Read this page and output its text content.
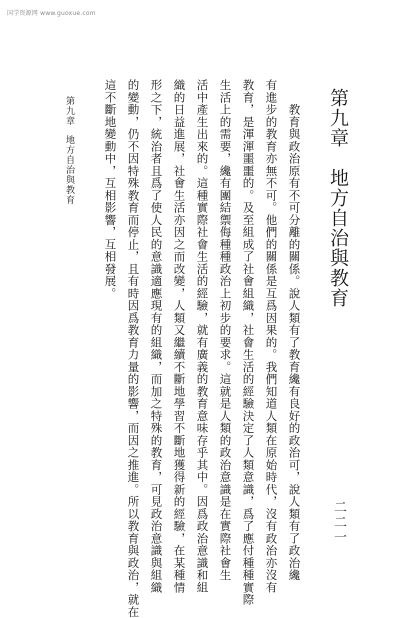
国学资源网 www.guoxue.com
第九章　地方自治與教育
　　教育與政治原有不可分離的關係。說人類有了教育纔有良好的政治可，說人類有了政治纔
有進步的教育亦無不可。他們的關係是互爲因果的。我們知道人類在原始時代，沒有政治亦沒有
教育，是渾渾噩噩的。及至組成了社會組織，社會生活的經驗決定了人類意識，爲了應付種種實際
生活上的需要，纔有團結禦侮種種政治上初步的要求。這就是人類的政治意識是在實際社會生
活中產生出來的。這種實際社會生活的經驗，就有廣義的教育意味存乎其中。因爲政治意識和組
織的日益進展，社會生活亦因之而改變，人類又繼續不斷地學習不斷地獲得新的經驗，在某種情
形之下，統治者且爲了使人民的意識適應現有的組織，而加之特殊的教育，可見政治意識與組織
的變動，仍不因特殊教育而停止，且有時因爲教育力量的影響，而因之推進。所以教育與政治，就在
這不斷地變動中，互相影響，互相發展。
第九章
地方自治與教育
二二一
